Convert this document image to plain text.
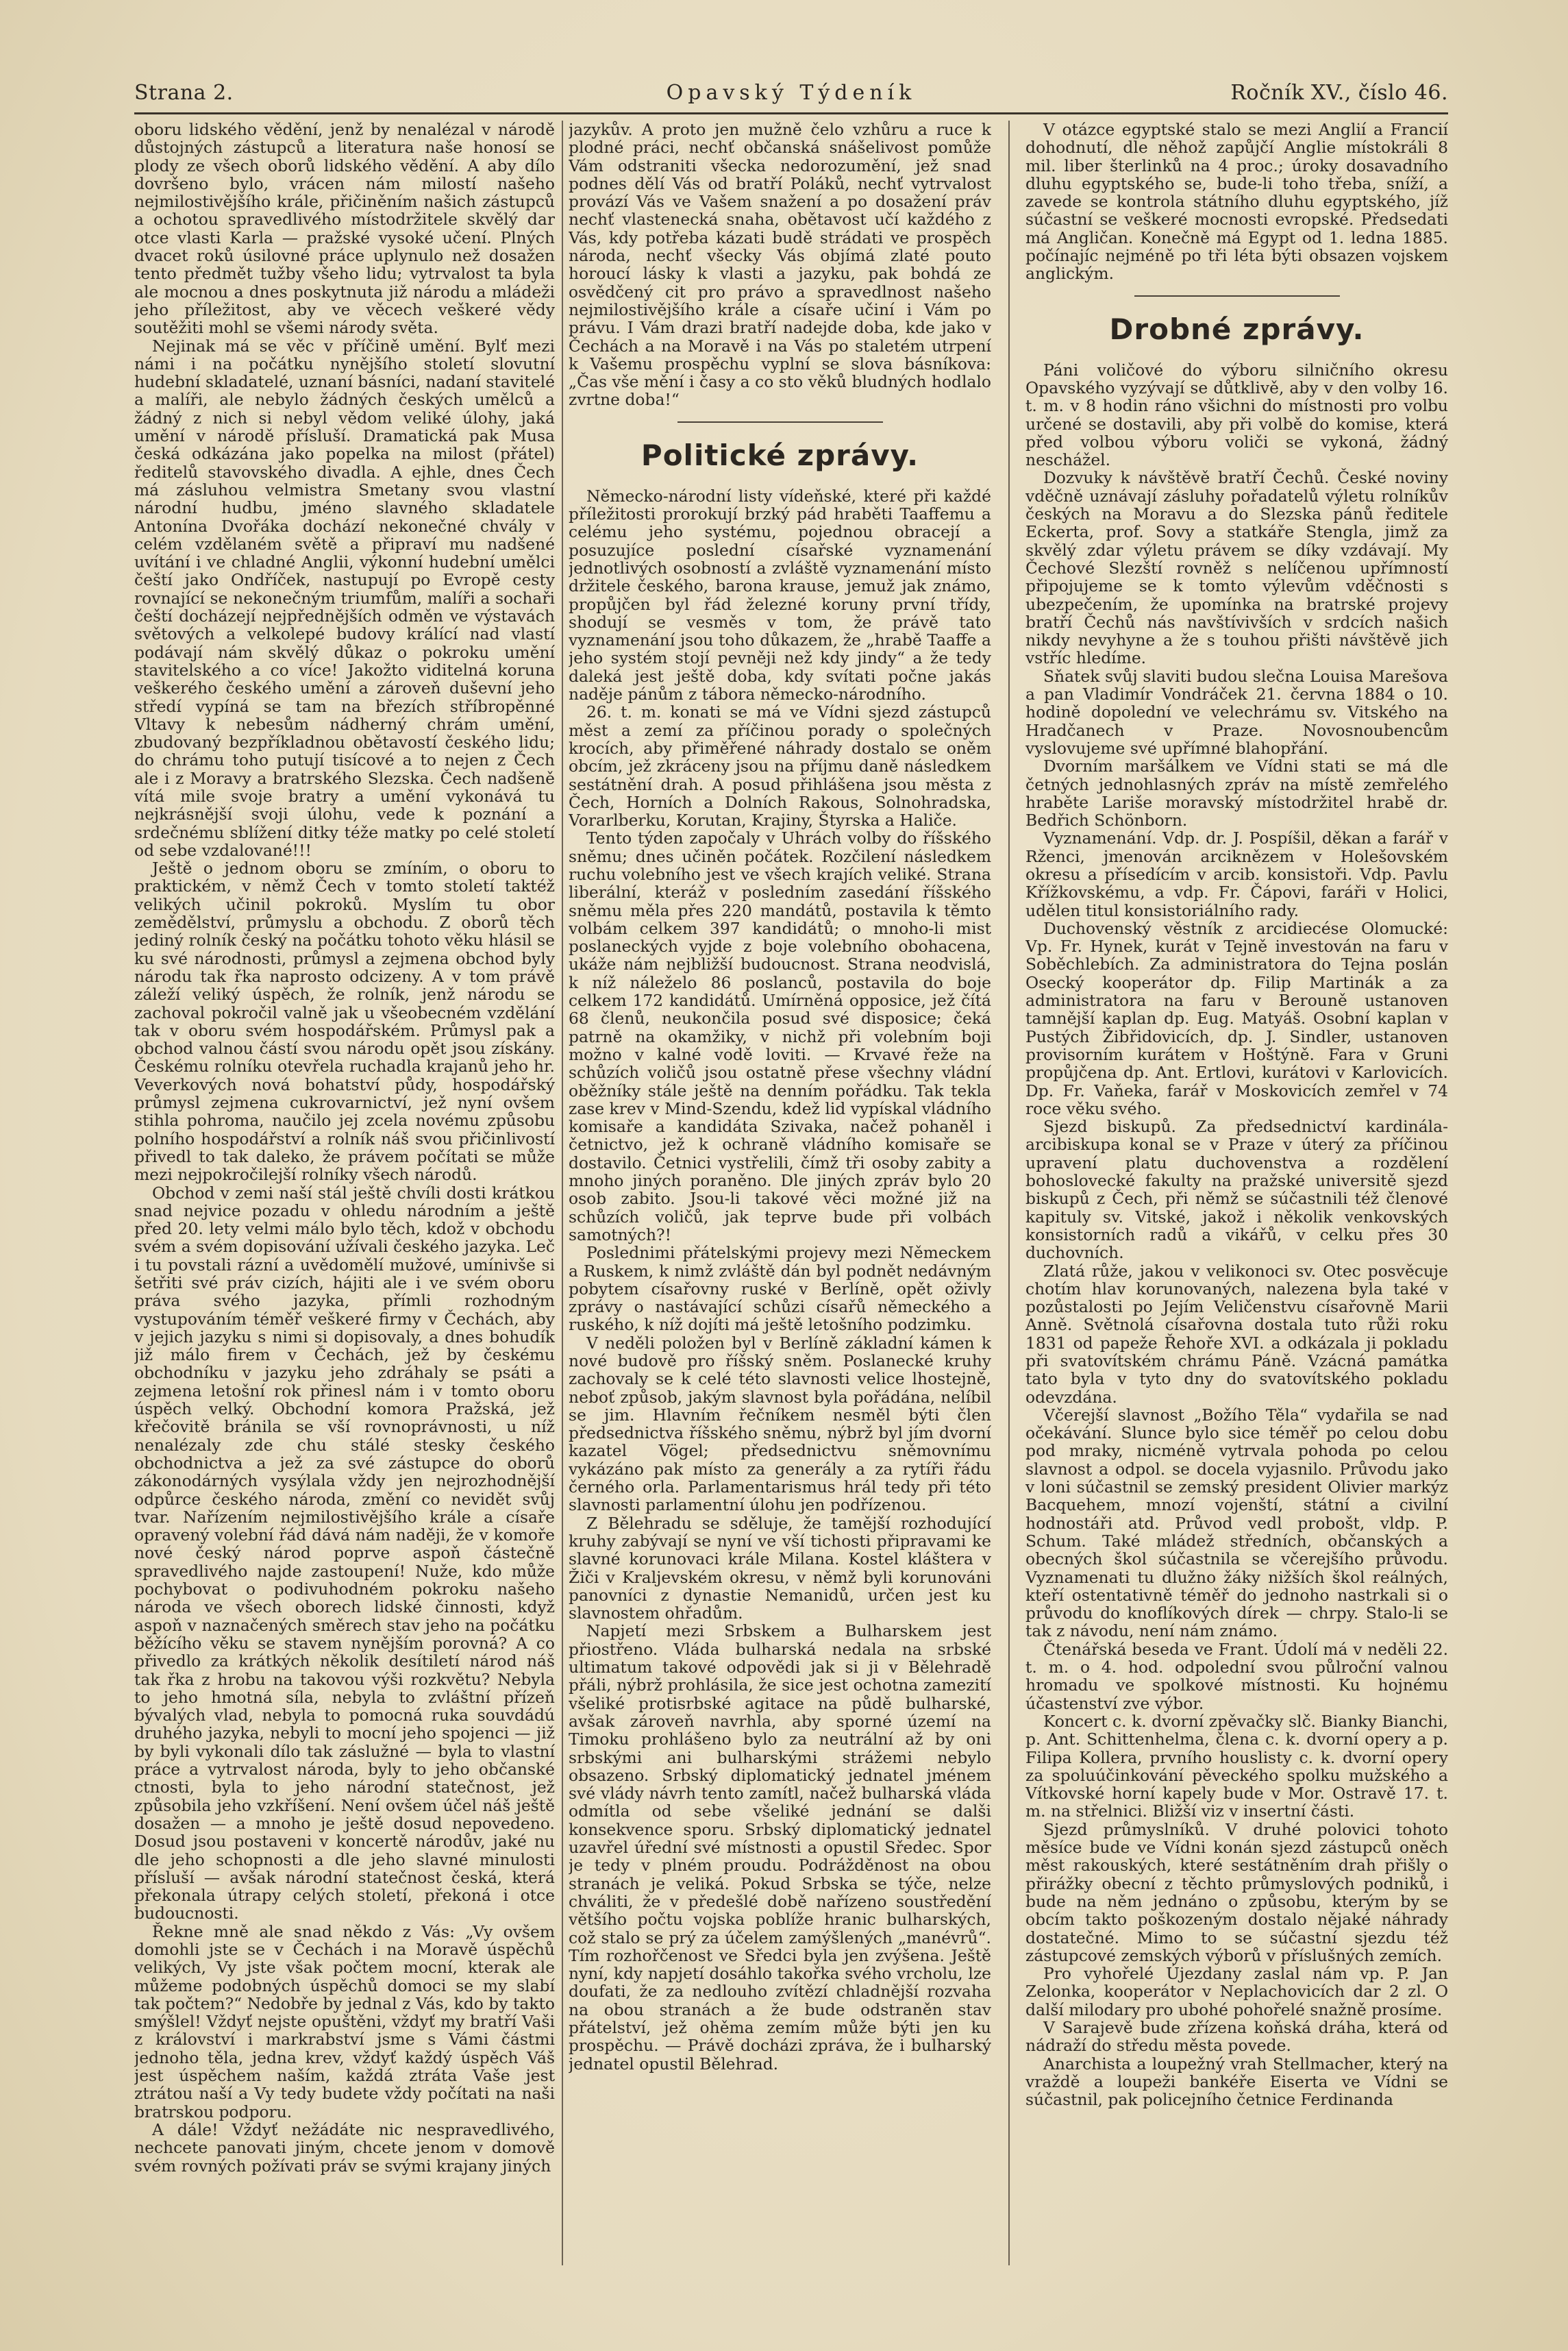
Strana 2.	Opavský Týdeník	Ročník XV., číslo 46.

oboru lidského vědění, jenž by nenalézal v národě důstojných zástupců a literatura naše honosí se plody ze všech oborů lidského vědění. A aby dílo dovršeno bylo, vrácen nám milostí našeho nejmilostivějšího krále, přičiněním našich zástupců a ochotou spravedlivého místodržitele skvělý dar otce vlasti Karla — pražské vysoké učení. Plných dvacet roků úsilovné práce uplynulo než dosažen tento předmět tužby všeho lidu; vytrvalost ta byla ale mocnou a dnes poskytnuta již národu a mládeži jeho příležitost, aby ve věcech veškeré vědy soutěžiti mohl se všemi národy světa.

Nejinak má se věc v příčině umění. Bylť mezi námi i na počátku nynějšího století slovutní hudební skladatelé, uznaní básníci, nadaní stavitelé a malíři, ale nebylo žádných českých umělců a žádný z nich si nebyl vědom veliké úlohy, jaká umění v národě přísluší. Dramatická pak Musa česká odkázána jako popelka na milost (přátel) ředitelů stavovského divadla. A ejhle, dnes Čech má zásluhou velmistra Smetany svou vlastní národní hudbu, jméno slavného skladatele Antonína Dvořáka dochází nekonečné chvály v celém vzdělaném světě a připraví mu nadšené uvítání i ve chladné Anglii, výkonní hudební umělci čeští jako Ondříček, nastupují po Evropě cesty rovnající se nekonečným triumfům, malíři a sochaři čeští docházejí nejpřednějších odměn ve výstavách světových a velkolepé budovy králící nad vlastí podávají nám skvělý důkaz o pokroku umění stavitelského a co více! Jakožto viditelná koruna veškerého českého umění a zároveň duševní jeho středí vypíná se tam na březích stříbropěnné Vltavy k nebesům nádherný chrám umění, zbudovaný bezpříkladnou obětavostí českého lidu; do chrámu toho putují tisícové a to nejen z Čech ale i z Moravy a bratrského Slezska. Čech nadšeně vítá mile svoje bratry a umění vykonává tu nejkrásnější svoji úlohu, vede k poznání a srdečnému sblížení ditky téže matky po celé století od sebe vzdalované!!!

Ještě o jednom oboru se zmíním, o oboru to praktickém, v němž Čech v tomto století taktéž velikých učinil pokroků. Myslím tu obor zemědělství, průmyslu a obchodu. Z oborů těch jediný rolník český na počátku tohoto věku hlásil se ku své národnosti, průmysl a zejmena obchod byly národu tak řka naprosto odcizeny. A v tom právě záleží veliký úspěch, že rolník, jenž národu se zachoval pokročil valně jak u všeobecném vzdělání tak v oboru svém hospodářském. Průmysl pak a obchod valnou částí svou národu opět jsou získány. Českému rolníku otevřela ruchadla krajanů jeho hr. Veverkových nová bohatství půdy, hospodářský průmysl zejmena cukrovarnictví, jež nyní ovšem stihla pohroma, naučilo jej zcela novému způsobu polního hospodářství a rolník náš svou přičinlivostí přivedl to tak daleko, že právem počítati se může mezi nejpokročilejší rolníky všech národů.

Obchod v zemi naší stál ještě chvíli dosti krátkou snad nejvice pozadu v ohledu národním a ještě před 20. lety velmi málo bylo těch, kdož v obchodu svém a svém dopisování užívali českého jazyka. Leč i tu povstali rázní a uvědomělí mužové, umínivše si šetřiti své práv cizích, hájiti ale i ve svém oboru práva svého jazyka, přímli rozhodným vystupováním téměř veškeré firmy v Čechách, aby v jejich jazyku s nimi si dopisovaly, a dnes bohudík již málo firem v Čechách, jež by českému obchodníku v jazyku jeho zdráhaly se psáti a zejmena letošní rok přinesl nám i v tomto oboru úspěch velký. Obchodní komora Pražská, jež křečovitě bránila se vší rovnoprávnosti, u níž nenalézaly zde chu stálé stesky českého obchodnictva a jež za své zástupce do oborů zákonodárných vysýlala vždy jen nejrozhodnější odpůrce českého národa, změní co nevidět svůj tvar. Nařízením nejmilostivějšího krále a císaře opravený volební řád dává nám naději, že v komoře nové český národ poprve aspoň částečně spravedlivého najde zastoupení! Nuže, kdo může pochybovat o podivuhodném pokroku našeho národa ve všech oborech lidské činnosti, když aspoň v naznačených směrech stav jeho na počátku běžícího věku se stavem nynějším porovná? A co přivedlo za krátkých několik desítiletí národ náš tak řka z hrobu na takovou výši rozkvětu? Nebyla to jeho hmotná síla, nebyla to zvláštní přízeň bývalých vlad, nebyla to pomocná ruka souvdádú druhého jazyka, nebyli to mocní jeho spojenci — již by byli vykonali dílo tak záslužné — byla to vlastní práce a vytrvalost národa, byly to jeho občanské ctnosti, byla to jeho národní statečnost, jež způsobila jeho vzkříšení. Není ovšem účel náš ještě dosažen — a mnoho je ještě dosud nepovedeno. Dosud jsou postaveni v koncertě národův, jaké nu dle jeho schopnosti a dle jeho slavné minulosti přísluší — avšak národní statečnost česká, která překonala útrapy celých století, překoná i otce budoucnosti.

Řekne mně ale snad někdo z Vás: „Vy ovšem domohli jste se v Čechách i na Moravě úspěchů velikých, Vy jste však počtem mocní, kterak ale můžeme podobných úspěchů domoci se my slabí tak počtem?“ Nedobře by jednal z Vás, kdo by takto smýšlel! Vždyť nejste opuštěni, vždyť my bratří Vaši z království i markrabství jsme s Vámi částmi jednoho těla, jedna krev, vždyť každý úspěch Váš jest úspěchem naším, každá ztráta Vaše jest ztrátou naší a Vy tedy budete vždy počítati na naši bratrskou podporu.

A dále! Vždyť nežádáte nic nespravedlivého, nechcete panovati jiným, chcete jenom v domově svém rovných požívati práv se svými krajany jiných

jazykův. A proto jen mužně čelo vzhůru a ruce k plodné práci, nechť občanská snášelivost pomůže Vám odstraniti všecka nedorozumění, jež snad podnes dělí Vás od bratří Poláků, nechť vytrvalost provází Vás ve Vašem snažení a po dosažení práv nechť vlastenecká snaha, obětavost učí každého z Vás, kdy potřeba kázati budě strádati ve prospěch národa, nechť všecky Vás objímá zlaté pouto horoucí lásky k vlasti a jazyku, pak bohdá ze osvědčený cit pro právo a spravedlnost našeho nejmilostivějšího krále a císaře učiní i Vám po právu. I Vám drazi bratří nadejde doba, kde jako v Čechách a na Moravě i na Vás po staletém utrpení k Vašemu prospěchu vyplní se slova básníkova: „Čas vše mění i časy a co sto věků bludných hodlalo zvrtne doba!“

Politické zprávy.

Německo-národní listy vídeňské, které při každé příležitosti prorokují brzký pád hraběti Taaffemu a celému jeho systému, pojednou obracejí a posuzujíce poslední císařské vyznamenání jednotlivých osobností a zvláště vyznamenání místo držitele českého, barona krause, jemuž jak známo, propůjčen byl řád železné koruny první třídy, shodují se vesměs v tom, že právě tato vyznamenání jsou toho důkazem, že „hrabě Taaffe a jeho systém stojí pevněji než kdy jindy“ a že tedy daleká jest ještě doba, kdy svítati počne jakás naděje pánům z tábora německo-národního.

26. t. m. konati se má ve Vídni sjezd zástupců měst a zemí za příčinou porady o společných krocích, aby přiměřené náhrady dostalo se oněm obcím, jež zkráceny jsou na příjmu daně následkem sestátnění drah. A posud přihlášena jsou města z Čech, Horních a Dolních Rakous, Solnohradska, Vorarlberku, Korutan, Krajiny, Štyrska a Haliče.

Tento týden započaly v Uhrách volby do říšského sněmu; dnes učiněn počátek. Rozčilení následkem ruchu volebního jest ve všech krajích veliké. Strana liberální, kteráž v posledním zasedání říšského sněmu měla přes 220 mandátů, postavila k těmto volbám celkem 397 kandidátů; o mnoho-li mist poslaneckých vyjde z boje volebního obohacena, ukáže nám nejbližší budoucnost. Strana neodvislá, k níž náleželo 86 poslanců, postavila do boje celkem 172 kandidátů. Umírněná opposice, jež čítá 68 členů, neukončila posud své disposice; čeká patrně na okamžiky, v nichž při volebním boji možno v kalné vodě loviti. — Krvavé řeže na schůzích voličů jsou ostatně přese všechny vládní oběžníky stále ještě na denním pořádku. Tak tekla zase krev v Mind-Szendu, kdež lid vypískal vládního komisaře a kandidáta Szivaka, načež pohaněl i četnictvo, jež k ochraně vládního komisaře se dostavilo. Četnici vystřelili, čímž tři osoby zabity a mnoho jiných poraněno. Dle jiných zpráv bylo 20 osob zabito. Jsou-li takové věci možné již na schůzích voličů, jak teprve bude při volbách samotných?!

Poslednimi přátelskými projevy mezi Německem a Ruskem, k nimž zvláště dán byl podnět nedávným pobytem císařovny ruské v Berlíně, opět oživly zprávy o nastávající schůzi císařů německého a ruského, k níž dojíti má ještě letošního podzimku.

V neděli položen byl v Berlíně základní kámen k nové budově pro říšský sněm. Poslanecké kruhy zachovaly se k celé této slavnosti velice lhostejně, neboť způsob, jakým slavnost byla pořádána, nelíbil se jim. Hlavním řečníkem nesměl býti člen předsednictva říšského sněmu, nýbrž byl jím dvorní kazatel Vögel; předsednictvu sněmovnímu vykázáno pak místo za generály a za rytíři řádu černého orla. Parlamentarismus hrál tedy při této slavnosti parlamentní úlohu jen podřízenou.

Z Bělehradu se sděluje, že tamější rozhodující kruhy zabývají se nyní ve vší tichosti připravami ke slavné korunovaci krále Milana. Kostel kláštera v Žiči v Kraljevském okresu, v němž byli korunováni panovníci z dynastie Nemanidů, určen jest ku slavnostem ohřadům.

Napjetí mezi Srbskem a Bulharskem jest přiostřeno. Vláda bulharská nedala na srbské ultimatum takové odpovědi jak si ji v Bělehradě přáli, nýbrž prohlásila, že sice jest ochotna zamezití všeliké protisrbské agitace na půdě bulharské, avšak zároveň navrhla, aby sporné území na Timoku prohlášeno bylo za neutrální až by oni srbskými ani bulharskými strážemi nebylo obsazeno. Srbský diplomatický jednatel jménem své vlády návrh tento zamítl, načež bulharská vláda odmítla od sebe všeliké jednání se dalši konsekvence sporu. Srbský diplomatický jednatel uzavřel úřední své místnosti a opustil Sředec. Spor je tedy v plném proudu. Podrážděnost na obou stranách je veliká. Pokud Srbska se týče, nelze chváliti, že v předešlé době nařízeno soustředění většího počtu vojska poblíže hranic bulharských, což stalo se prý za účelem zamýšlených „manévrů“. Tím rozhořčenost ve Sředci byla jen zvýšena. Ještě nyní, kdy napjetí dosáhlo takořka svého vrcholu, lze doufati, že za nedlouho zvítězí chladnější rozvaha na obou stranách a že bude odstraněn stav přátelství, jež ohěma zemím může býti jen ku prospěchu. — Právě docházi zpráva, že i bulharský jednatel opustil Bělehrad.

V otázce egyptské stalo se mezi Anglií a Francií dohodnutí, dle něhož zapůjčí Anglie místokráli 8 mil. liber šterlinků na 4 proc.; úroky dosavadního dluhu egyptského se, bude-li toho třeba, sníží, a zavede se kontrola státního dluhu egyptského, jíž súčastní se veškeré mocnosti evropské. Předsedati má Angličan. Konečně má Egypt od 1. ledna 1885. počínajíc nejméně po tři léta býti obsazen vojskem anglickým.

Drobné zprávy.

Páni voličové do výboru silničního okresu Opavského vyzývají se důtklivě, aby v den volby 16. t. m. v 8 hodin ráno všichni do místnosti pro volbu určené se dostavili, aby při volbě do komise, která před volbou výboru voliči se vykoná, žádný neschážel.

Dozvuky k návštěvě bratří Čechů. České noviny vděčně uznávají zásluhy pořadatelů výletu rolníkův českých na Moravu a do Slezska pánů ředitele Eckerta, prof. Sovy a statkáře Stengla, jimž za skvělý zdar výletu právem se díky vzdávají. My Čechové Slezští rovněž s nelíčenou upřímností připojujeme se k tomto výlevům vděčnosti s ubezpečením, že upomínka na bratrské projevy bratří Čechů nás navštívivších v srdcích našich nikdy nevyhyne a že s touhou přišti návštěvě jich vstříc hledíme.

Sňatek svůj slaviti budou slečna Louisa Marešova a pan Vladimír Vondráček 21. června 1884 o 10. hodině dopolední ve velechrámu sv. Vitského na Hradčanech v Praze. Novosnoubencům vyslovujeme své upřímné blahopřání.

Dvorním maršálkem ve Vídni stati se má dle četných jednohlasných zpráv na místě zemřelého hraběte Lariše moravský místodržitel hrabě dr. Bedřich Schönborn.

Vyznamenání. Vdp. dr. J. Pospíšil, děkan a farář v Rženci, jmenován arciknězem v Holešovském okresu a přísedícím v arcib. konsistoři. Vdp. Pavlu Křížkovskému, a vdp. Fr. Čápovi, faráři v Holici, udělen titul konsistoriálního rady.

Duchovenský věstník z arcidiecése Olomucké: Vp. Fr. Hynek, kurát v Tejně investován na faru v Soběchlebích. Za administratora do Tejna poslán Osecký kooperátor dp. Filip Martinák a za administratora na faru v Berouně ustanoven tamnější kaplan dp. Eug. Matyáš. Osobní kaplan v Pustých Žibřidovicích, dp. J. Sindler, ustanoven provisorním kurátem v Hoštýně. Fara v Gruni propůjčena dp. Ant. Ertlovi, kurátovi v Karlovicích. Dp. Fr. Vaňeka, farář v Moskovicích zemřel v 74 roce věku svého.

Sjezd biskupů. Za předsednictví kardinála-arcibiskupa konal se v Praze v úterý za příčinou upravení platu duchovenstva a rozdělení bohoslovecké fakulty na pražské universitě sjezd biskupů z Čech, při němž se súčastnili též členové kapituly sv. Vitské, jakož i několik venkovských konsistorních radů a vikářů, v celku přes 30 duchovních.

Zlatá růže, jakou v velikonoci sv. Otec posvěcuje chotím hlav korunovaných, nalezena byla také v pozůstalosti po Jejím Veličenstvu císařovně Marii Anně. Světnolá císařovna dostala tuto růži roku 1831 od papeže Řehoře XVI. a odkázala ji pokladu při svatovítském chrámu Páně. Vzácná památka tato byla v tyto dny do svatovítského pokladu odevzdána.

Včerejší slavnost „Božího Těla“ vydařila se nad očekávání. Slunce bylo sice téměř po celou dobu pod mraky, nicméně vytrvala pohoda po celou slavnost a odpol. se docela vyjasnilo. Průvodu jako v loni súčastnil se zemský president Olivier markýz Bacquehem, mnozí vojenští, státní a civilní hodnostáři atd. Průvod vedl probošt, vldp. P. Schum. Také mládež středních, občanských a obecných škol súčastnila se včerejšího průvodu. Vyznamenati tu dlužno žáky nižších škol reálných, kteří ostentativně téměř do jednoho nastrkali si o průvodu do knoflíkových dírek — chrpy. Stalo-li se tak z návodu, není nám známo.

Čtenářská beseda ve Frant. Údolí má v neděli 22. t. m. o 4. hod. odpolední svou půlroční valnou hromadu ve spolkové místnosti. Ku hojnému účastenství zve výbor.

Koncert c. k. dvorní zpěvačky slč. Bianky Bianchi, p. Ant. Schittenhelma, člena c. k. dvorní opery a p. Filipa Kollera, prvního houslisty c. k. dvorní opery za spoluúčinkování pěveckého spolku mužského a Vítkovské horní kapely bude v Mor. Ostravě 17. t. m. na střelnici. Bližší viz v insertní části.

Sjezd průmyslníků. V druhé polovici tohoto měsíce bude ve Vídni konán sjezd zástupců oněch měst rakouských, které sestátněním drah přišly o přirážky obecní z těchto průmyslových podniků, i bude na něm jednáno o způsobu, kterým by se obcím takto poškozeným dostalo nějaké náhrady dostatečné. Mimo to se súčastní sjezdu též zástupcové zemských výborů v příslušných zemích.

Pro vyhořelé Újezdany zaslal nám vp. P. Jan Zelonka, kooperátor v Neplachovicích dar 2 zl. O další milodary pro ubohé pohořelé snažně prosíme.

V Sarajevě bude zřízena koňská dráha, která od nádraží do středu města povede.

Anarchista a loupežný vrah Stellmacher, který na vraždě a loupeži bankéře Eiserta ve Vídni se súčastnil, pak policejního četnice Ferdinanda
